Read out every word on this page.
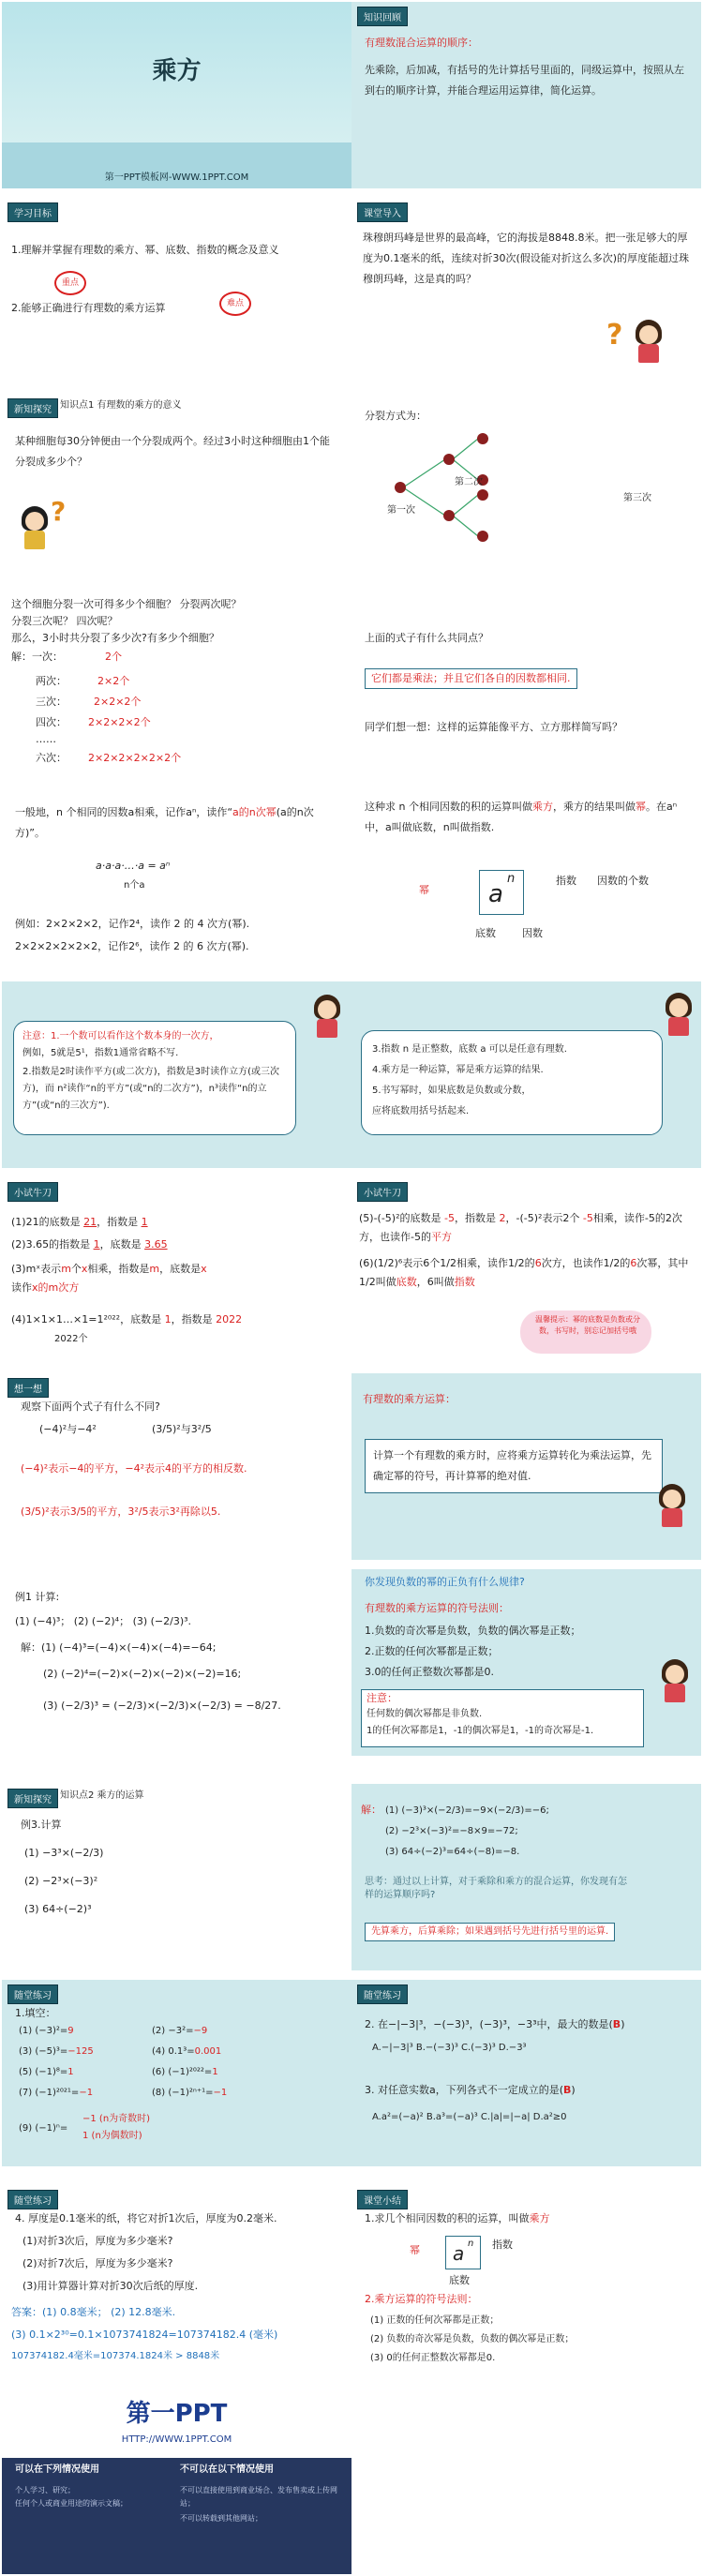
乘方
第一PPT模板网-WWW.1PPT.COM
知识回顾
有理数混合运算的顺序：
先乘除，后加减，有括号的先计算括号里面的，同级运算中，按照从左到右的顺序计算，并能合理运用运算律，简化运算。
学习目标
1.理解并掌握有理数的乘方、幂、底数、指数的概念及意义
2.能够正确进行有理数的乘方运算
重点
难点
课堂导入
珠穆朗玛峰是世界的最高峰，它的海拔是8848.8米。把一张足够大的厚度为0.1毫米的纸，连续对折30次(假设能对折这么多次)的厚度能超过珠穆朗玛峰，这是真的吗？
?
新知探究 知识点1 有理数的乘方的意义
某种细胞每30分钟便由一个分裂成两个。经过3小时这种细胞由1个能分裂成多少个？
?
分裂方式为：
第一次
第二次
第三次
这个细胞分裂一次可得多少个细胞？ 分裂两次呢？
分裂三次呢？ 四次呢？
那么，3小时共分裂了多少次?有多少个细胞？
解：一次：	2个
两次：	2×2个
三次：	2×2×2个
四次： 2×2×2×2个
……
六次： 2×2×2×2×2×2个
上面的式子有什么共同点？
它们都是乘法；并且它们各自的因数都相同.
同学们想一想：这样的运算能像平方、立方那样简写吗？
一般地，n 个相同的因数a相乘，记作aⁿ，读作“a的n次幂(a的n次方)”。
a·a·a·…·a = aⁿ
n个a
例如：2×2×2×2，记作2⁴，读作 2 的 4 次方(幂).
2×2×2×2×2×2，记作2⁶，读作 2 的 6 次方(幂).
这种求 n 个相同因数的积的运算叫做乘方，乘方的结果叫做幂。在aⁿ中，a叫做底数，n叫做指数.
a
n
幂
指数 因数的个数
底数	因数
注意：1.一个数可以看作这个数本身的一次方，
例如，5就是5¹，指数1通常省略不写.
2.指数是2时读作平方(或二次方)，指数是3时读作立方(或三次方)，而 n²读作“n的平方”(或“n的二次方”)，n³读作“n的立方”(或“n的三次方”).
3.指数 n 是正整数，底数 a 可以是任意有理数.
4.乘方是一种运算，幂是乘方运算的结果.
5.书写幂时，如果底数是负数或分数，
应将底数用括号括起来.
小试牛刀
(1)21的底数是 21，指数是 1
(2)3.65的指数是 1，底数是 3.65
(3)mˣ表示m个x相乘，指数是m，底数是x
读作x的m次方
(4)1×1×1…×1=1²⁰²²，底数是 1，指数是 2022
2022个
小试牛刀
(5)-(-5)²的底数是 -5，指数是 2，-(-5)²表示2个 -5相乘，读作-5的2次方，也读作-5的平方
(6)(1/2)⁶表示6个1/2相乘，读作1/2的6次方，也读作1/2的6次幂，其中1/2叫做底数，6叫做指数
温馨提示：幂的底数是负数或分数，书写时，别忘记加括号哦
想一想
观察下面两个式子有什么不同?
(−4)²与−4²	(3/5)²与3²/5
(−4)²表示−4的平方，−4²表示4的平方的相反数.
(3/5)²表示3/5的平方，3²/5表示3²再除以5.
有理数的乘方运算：
计算一个有理数的乘方时，应将乘方运算转化为乘法运算，先确定幂的符号，再计算幂的绝对值.
例1 计算:
(1) (−4)³； (2) (−2)⁴； (3) (−2/3)³.
解：(1) (−4)³=(−4)×(−4)×(−4)=−64;
(2) (−2)⁴=(−2)×(−2)×(−2)×(−2)=16;
(3) (−2/3)³ = (−2/3)×(−2/3)×(−2/3) = −8/27.
你发现负数的幂的正负有什么规律?
有理数的乘方运算的符号法则：
1.负数的奇次幂是负数，负数的偶次幂是正数；
2.正数的任何次幂都是正数；
3.0的任何正整数次幂都是0.
注意：
任何数的偶次幂都是非负数.
1的任何次幂都是1，-1的偶次幂是1，-1的奇次幂是-1.
新知探究 知识点2 乘方的运算
例3.计算
(1) −3³×(−2/3)
(2) −2³×(−3)²
(3) 64÷(−2)³
解： (1) (−3)³×(−2/3)=−9×(−2/3)=−6;
(2) −2³×(−3)²=−8×9=−72;
(3) 64÷(−2)³=64÷(−8)=−8.
思考：通过以上计算，对于乘除和乘方的混合运算，你发现有怎样的运算顺序吗?
先算乘方，后算乘除；如果遇到括号先进行括号里的运算.
随堂练习
1.填空：
(1) (−3)²=9	(2) −3²=−9
(3) (−5)³=−125	(4) 0.1³=0.001
(5) (−1)⁸=1	(6) (−1)²⁰²²=1
(7) (−1)²⁰²¹=−1	(8) (−1)²ⁿ⁺¹=−1
(9) (−1)ⁿ=
−1 (n为奇数时)
1 (n为偶数时)
随堂练习
2. 在−|−3|³，−(−3)³，(−3)³，−3³中，最大的数是(B)
A.−|−3|³ B.−(−3)³ C.(−3)³ D.−3³
3. 对任意实数a，下列各式不一定成立的是(B)
A.a²=(−a)² B.a³=(−a)³ C.|a|=|−a| D.a²≥0
随堂练习
4. 厚度是0.1毫米的纸，将它对折1次后，厚度为0.2毫米.
(1)对折3次后，厚度为多少毫米?
(2)对折7次后，厚度为多少毫米?
(3)用计算器计算对折30次后纸的厚度.
答案：(1) 0.8毫米； (2) 12.8毫米.
(3) 0.1×2³⁰=0.1×1073741824=107374182.4 (毫米)
107374182.4毫米=107374.1824米 > 8848米
课堂小结
1.求几个相同因数的积的运算，叫做乘方
a n
幂	指数
底数
2.乘方运算的符号法则：
(1) 正数的任何次幂都是正数；
(2) 负数的奇次幂是负数，负数的偶次幂是正数；
(3) 0的任何正整数次幂都是0.
第一PPT
HTTP://WWW.1PPT.COM
可以在下列情况使用	不可以在以下情况使用
个人学习、研究；
任何个人或商业用途的演示文稿；
不可以直接使用到商业场合、发布售卖或上传网站；
不可以转载到其他网站；
